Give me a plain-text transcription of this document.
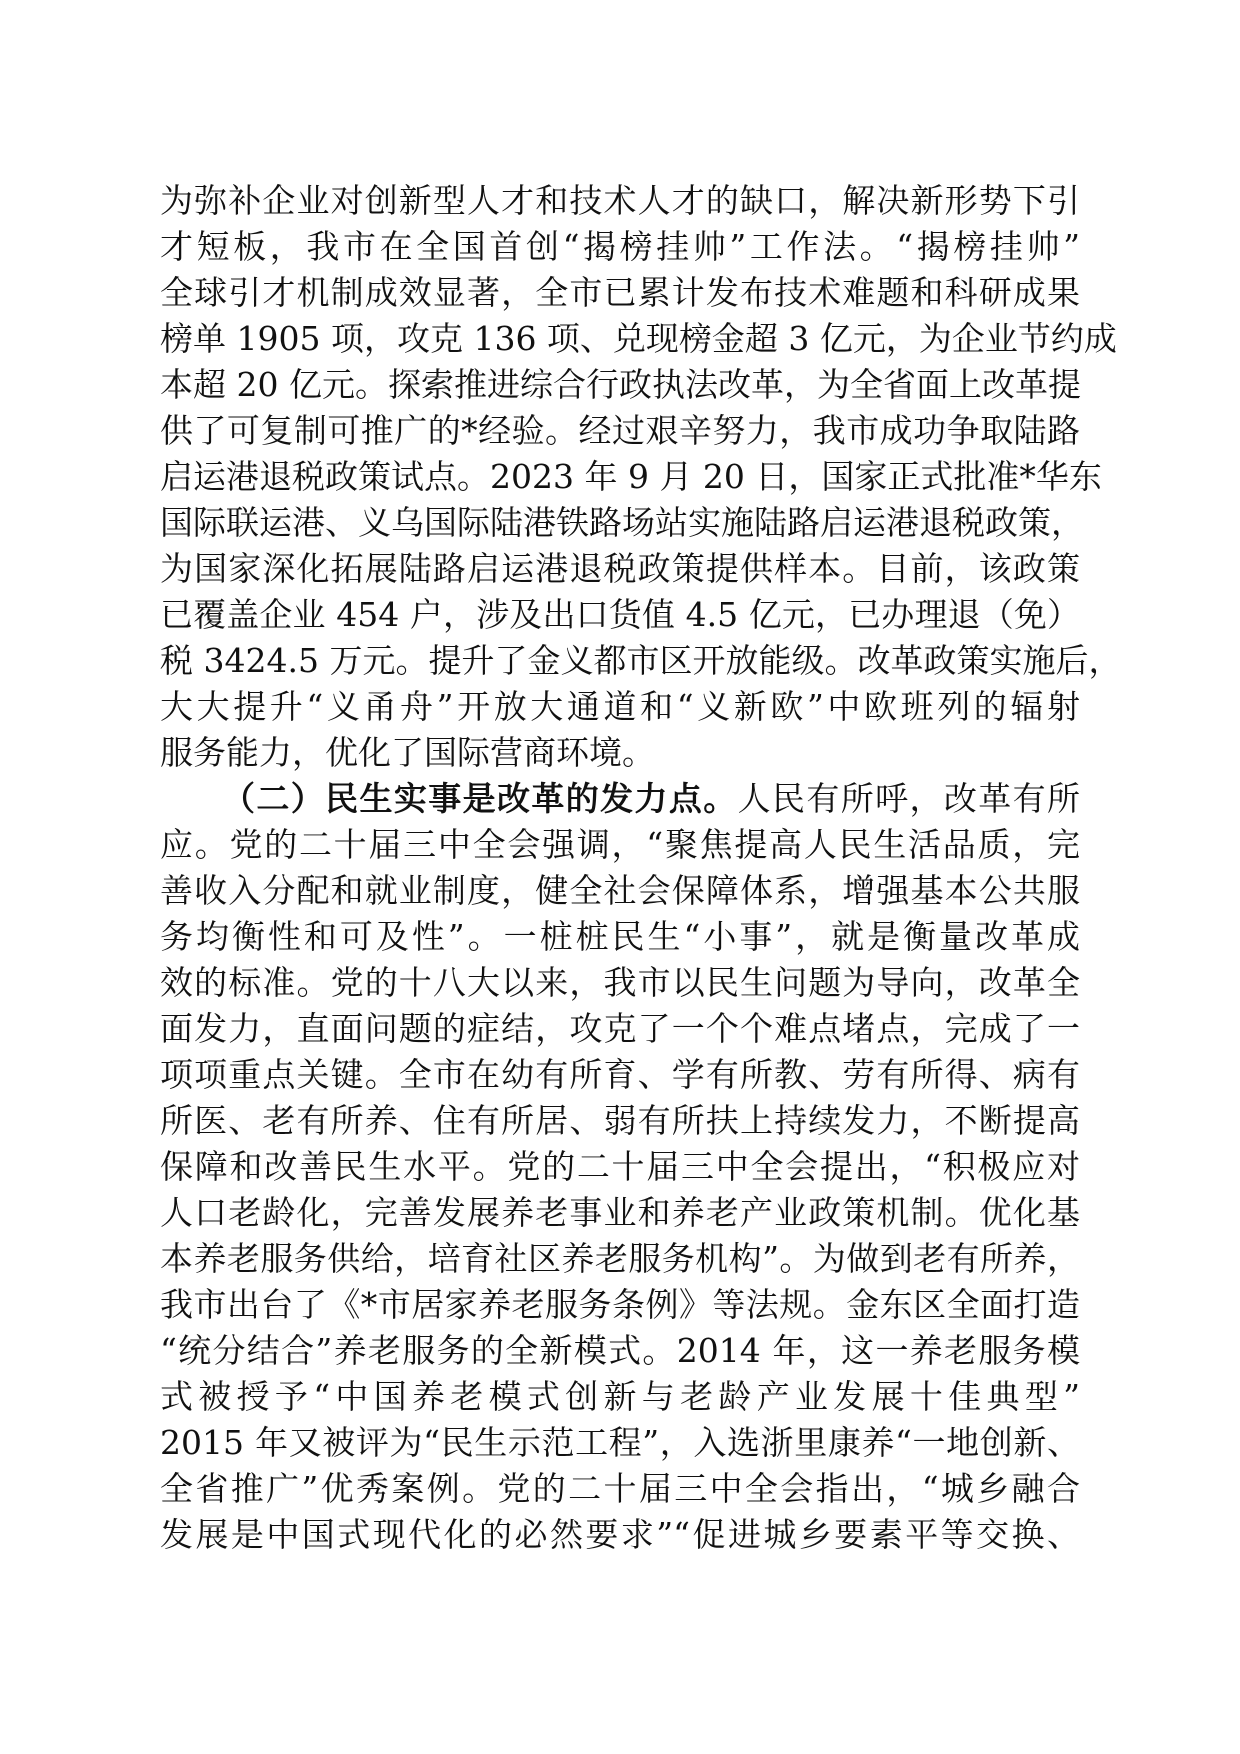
为弥补企业对创新型人才和技术人才的缺口，解决新形势下引
才短板，我市在全国首创“揭榜挂帅”工作法。“揭榜挂帅”
全球引才机制成效显著，全市已累计发布技术难题和科研成果
榜单 1905 项，攻克 136 项、兑现榜金超 3 亿元，为企业节约成
本超 20 亿元。探索推进综合行政执法改革，为全省面上改革提
供了可复制可推广的*经验。经过艰辛努力，我市成功争取陆路
启运港退税政策试点。2023 年 9 月 20 日，国家正式批准*华东
国际联运港、义乌国际陆港铁路场站实施陆路启运港退税政策，
为国家深化拓展陆路启运港退税政策提供样本。目前，该政策
已覆盖企业 454 户，涉及出口货值 4.5 亿元，已办理退（免）
税 3424.5 万元。提升了金义都市区开放能级。改革政策实施后，
大大提升“义甬舟”开放大通道和“义新欧”中欧班列的辐射
服务能力，优化了国际营商环境。
（二）民生实事是改革的发力点。人民有所呼，改革有所
应。党的二十届三中全会强调，“聚焦提高人民生活品质，完
善收入分配和就业制度，健全社会保障体系，增强基本公共服
务均衡性和可及性”。一桩桩民生“小事”，就是衡量改革成
效的标准。党的十八大以来，我市以民生问题为导向，改革全
面发力，直面问题的症结，攻克了一个个难点堵点，完成了一
项项重点关键。全市在幼有所育、学有所教、劳有所得、病有
所医、老有所养、住有所居、弱有所扶上持续发力，不断提高
保障和改善民生水平。党的二十届三中全会提出，“积极应对
人口老龄化，完善发展养老事业和养老产业政策机制。优化基
本养老服务供给，培育社区养老服务机构”。为做到老有所养，
我市出台了《*市居家养老服务条例》等法规。金东区全面打造
“统分结合”养老服务的全新模式。2014 年，这一养老服务模
式被授予“中国养老模式创新与老龄产业发展十佳典型”
2015 年又被评为“民生示范工程”，入选浙里康养“一地创新、
全省推广”优秀案例。党的二十届三中全会指出，“城乡融合
发展是中国式现代化的必然要求”“促进城乡要素平等交换、
